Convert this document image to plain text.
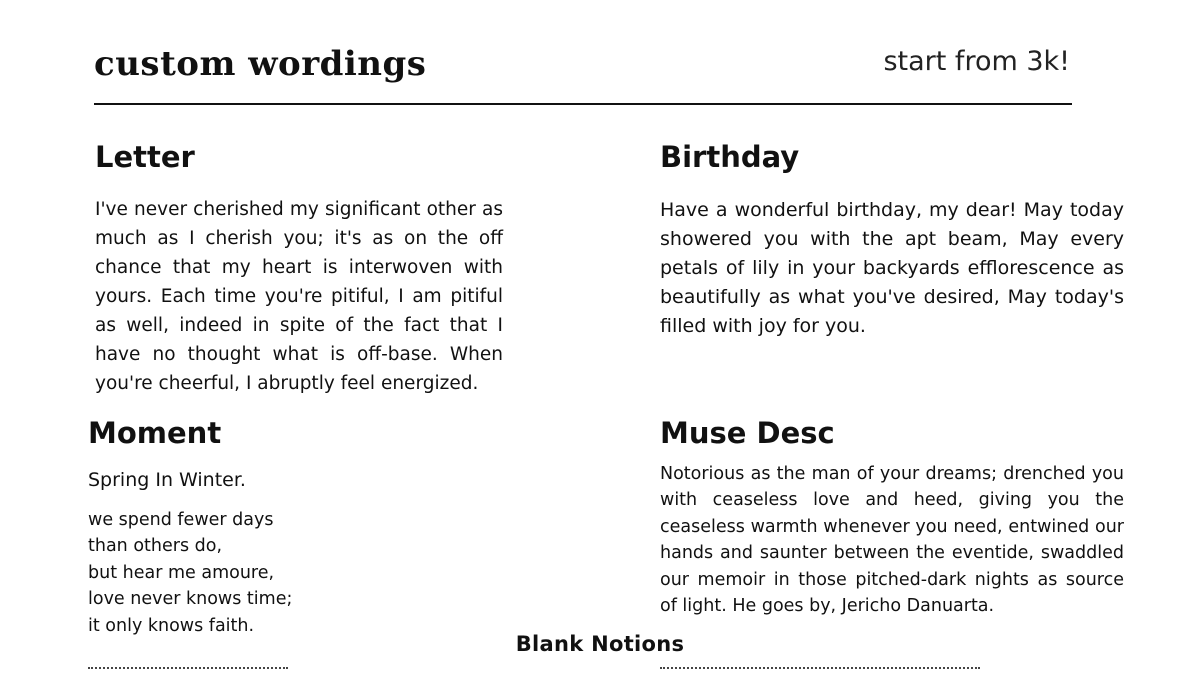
custom wordings	start from 3k!
Letter
I've never cherished my significant other as much as I cherish you; it's as on the off chance that my heart is interwoven with yours. Each time you're pitiful, I am pitiful as well, indeed in spite of the fact that I have no thought what is off-base. When you're cheerful, I abruptly feel energized.
Birthday
Have a wonderful birthday, my dear! May today showered you with the apt beam, May every petals of lily in your backyards efflorescence as beautifully as what you've desired, May today's filled with joy for you.
Moment
Spring In Winter.
we spend fewer days
than others do,
but hear me amoure,
love never knows time;
it only knows faith.
Muse Desc
Notorious as the man of your dreams; drenched you with ceaseless love and heed, giving you the ceaseless warmth whenever you need, entwined our hands and saunter between the eventide, swaddled our memoir in those pitched-dark nights as source of light. He goes by, Jericho Danuarta.
Blank Notions
